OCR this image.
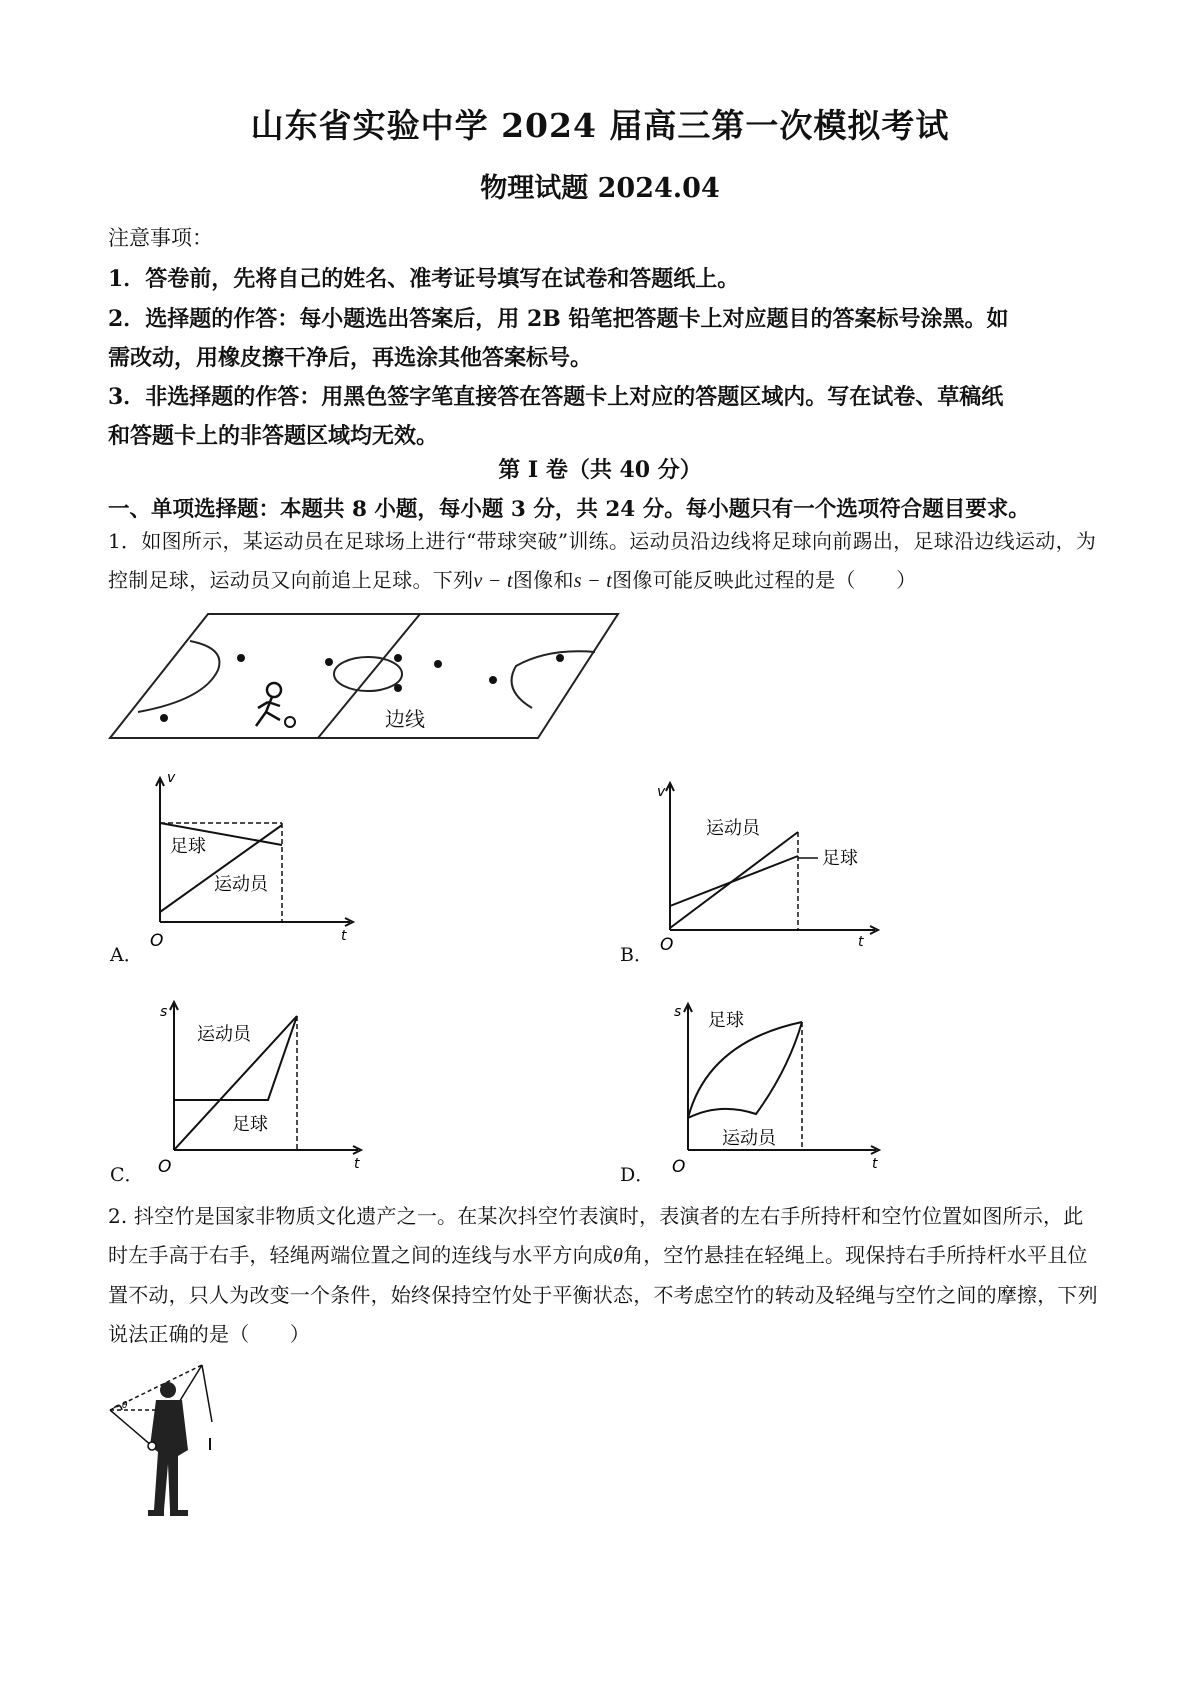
山东省实验中学 2024 届高三第一次模拟考试
物理试题 2024.04
注意事项：
1．答卷前，先将自己的姓名、准考证号填写在试卷和答题纸上。
2．选择题的作答：每小题选出答案后，用 2B 铅笔把答题卡上对应题目的答案标号涂黑。如
需改动，用橡皮擦干净后，再选涂其他答案标号。
3．非选择题的作答：用黑色签字笔直接答在答题卡上对应的答题区域内。写在试卷、草稿纸
和答题卡上的非答题区域均无效。
第 I 卷（共 40 分）
一、单项选择题：本题共 8 小题，每小题 3 分，共 24 分。每小题只有一个选项符合题目要求。
1．如图所示，某运动员在足球场上进行“带球突破”训练。运动员沿边线将足球向前踢出，足球沿边线运动，为控制足球，运动员又向前追上足球。下列v − t图像和s − t图像可能反映此过程的是（　　）
边线
A．
O
v
t
足球
运动员
B． O
v
t
运动员
足球
C． O
s
t
运动员
足球
D． O
s
t
足球
运动员
2. 抖空竹是国家非物质文化遗产之一。在某次抖空竹表演时，表演者的左右手所持杆和空竹位置如图所示，此时左手高于右手，轻绳两端位置之间的连线与水平方向成θ角，空竹悬挂在轻绳上。现保持右手所持杆水平且位置不动，只人为改变一个条件，始终保持空竹处于平衡状态，不考虑空竹的转动及轻绳与空竹之间的摩擦，下列说法正确的是（　　）
θ
